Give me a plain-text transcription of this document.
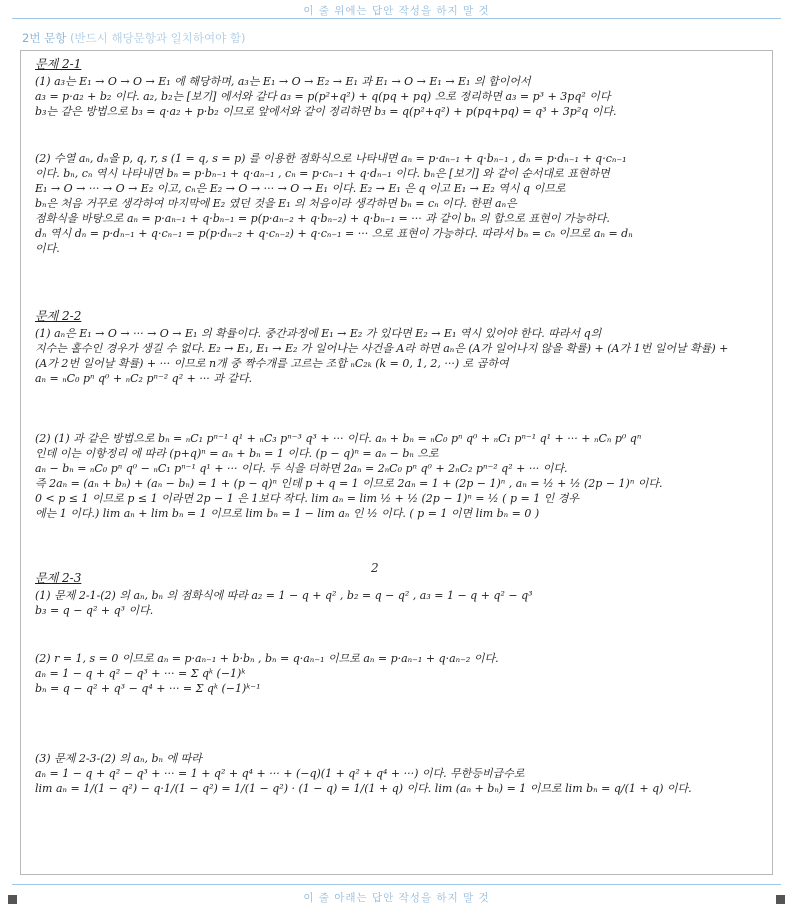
이 줄 위에는 답안 작성을 하지 말 것
2번 문항 (반드시 해당문항과 일치하여야 함)
문제 2-1
(1) a₃는 E₁ → O → O → E₁ 에 해당하며, a₃는 E₁ → O → E₂ → E₁ 과 E₁ → O → E₁ → E₁ 의 합이어서
a₃ = p·a₂ + b₂ 이다. a₂, b₂는 [보기] 에서와 같다 a₃ = p(p²+q²) + q(pq + pq) 으로 정리하면 a₃ = p³ + 3pq² 이다
b₃는 같은 방법으로 b₃ = q·a₂ + p·b₂ 이므로 앞에서와 같이 정리하면 b₃ = q(p²+q²) + p(pq+pq) = q³ + 3p²q 이다.
(2) 수열 aₙ, dₙ을 p, q, r, s (1 = q, s = p) 를 이용한 점화식으로 나타내면 aₙ = p·aₙ₋₁ + q·bₙ₋₁ , dₙ = p·dₙ₋₁ + q·cₙ₋₁
이다. bₙ, cₙ 역시 나타내면 bₙ = p·bₙ₋₁ + q·aₙ₋₁ , cₙ = p·cₙ₋₁ + q·dₙ₋₁ 이다. bₙ은 [보기] 와 같이 순서대로 표현하면
E₁ → O → ··· → O → E₂ 이고, cₙ은 E₂ → O → ··· → O → E₁ 이다. E₂ → E₁ 은 q 이고 E₁ → E₂ 역시 q 이므로
bₙ은 처음 거꾸로 생각하여 마지막에 E₂ 였던 것을 E₁ 의 처음이라 생각하면 bₙ = cₙ 이다. 한편 aₙ은
점화식을 바탕으로 aₙ = p·aₙ₋₁ + q·bₙ₋₁ = p(p·aₙ₋₂ + q·bₙ₋₂) + q·bₙ₋₁ = ··· 과 같이 bₙ 의 합으로 표현이 가능하다.
dₙ 역시 dₙ = p·dₙ₋₁ + q·cₙ₋₁ = p(p·dₙ₋₂ + q·cₙ₋₂) + q·cₙ₋₁ = ··· 으로 표현이 가능하다. 따라서 bₙ = cₙ 이므로 aₙ = dₙ
이다.
문제 2-2
(1) aₙ은 E₁ → O → ··· → O → E₁ 의 확률이다. 중간과정에 E₁ → E₂ 가 있다면 E₂ → E₁ 역시 있어야 한다. 따라서 q의
지수는 홀수인 경우가 생길 수 없다. E₂ → E₁, E₁ → E₂ 가 일어나는 사건을 A라 하면 aₙ은 (A가 일어나지 않을 확률) + (A가 1번 일어날 확률) +
(A가 2번 일어날 확률) + ··· 이므로 n개 중 짝수개를 고르는 조합 ₙC₂ₖ (k = 0, 1, 2, ···) 로 곱하여
aₙ = ₙC₀ pⁿ q⁰ + ₙC₂ pⁿ⁻² q² + ··· 과 같다.
(2) (1) 과 같은 방법으로 bₙ = ₙC₁ pⁿ⁻¹ q¹ + ₙC₃ pⁿ⁻³ q³ + ··· 이다. aₙ + bₙ = ₙC₀ pⁿ q⁰ + ₙC₁ pⁿ⁻¹ q¹ + ··· + ₙCₙ p⁰ qⁿ
인데 이는 이항정리 에 따라 (p+q)ⁿ = aₙ + bₙ = 1 이다. (p − q)ⁿ = aₙ − bₙ 으로
aₙ − bₙ = ₙC₀ pⁿ q⁰ − ₙC₁ pⁿ⁻¹ q¹ + ··· 이다. 두 식을 더하면 2aₙ = 2ₙC₀ pⁿ q⁰ + 2ₙC₂ pⁿ⁻² q² + ··· 이다.
즉 2aₙ = (aₙ + bₙ) + (aₙ − bₙ) = 1 + (p − q)ⁿ 인데 p + q = 1 이므로 2aₙ = 1 + (2p − 1)ⁿ , aₙ = ½ + ½ (2p − 1)ⁿ 이다.
0 < p ≤ 1 이므로 p ≤ 1 이라면 2p − 1 은 1보다 작다. lim aₙ = lim ½ + ½ (2p − 1)ⁿ = ½ ( p = 1 인 경우
에는 1 이다.) lim aₙ + lim bₙ = 1 이므로 lim bₙ = 1 − lim aₙ 인 ½ 이다. ( p = 1 이면 lim bₙ = 0 )
문제 2-3
(1) 문제 2-1-(2) 의 aₙ, bₙ 의 점화식에 따라 a₂ = 1 − q + q² , b₂ = q − q² , a₃ = 1 − q + q² − q³
b₃ = q − q² + q³ 이다.
(2) r = 1, s = 0 이므로 aₙ = p·aₙ₋₁ + b·bₙ , bₙ = q·aₙ₋₁ 이므로 aₙ = p·aₙ₋₁ + q·aₙ₋₂ 이다.
aₙ = 1 − q + q² − q³ + ··· = Σ qᵏ (−1)ᵏ
bₙ = q − q² + q³ − q⁴ + ··· = Σ qᵏ (−1)ᵏ⁻¹
(3) 문제 2-3-(2) 의 aₙ, bₙ 에 따라
aₙ = 1 − q + q² − q³ + ··· = 1 + q² + q⁴ + ··· + (−q)(1 + q² + q⁴ + ···) 이다. 무한등비급수로
lim aₙ = 1/(1 − q²) − q·1/(1 − q²) = 1/(1 − q²) · (1 − q) = 1/(1 + q) 이다. lim (aₙ + bₙ) = 1 이므로 lim bₙ = q/(1 + q) 이다.
2
이 줄 아래는 답안 작성을 하지 말 것
